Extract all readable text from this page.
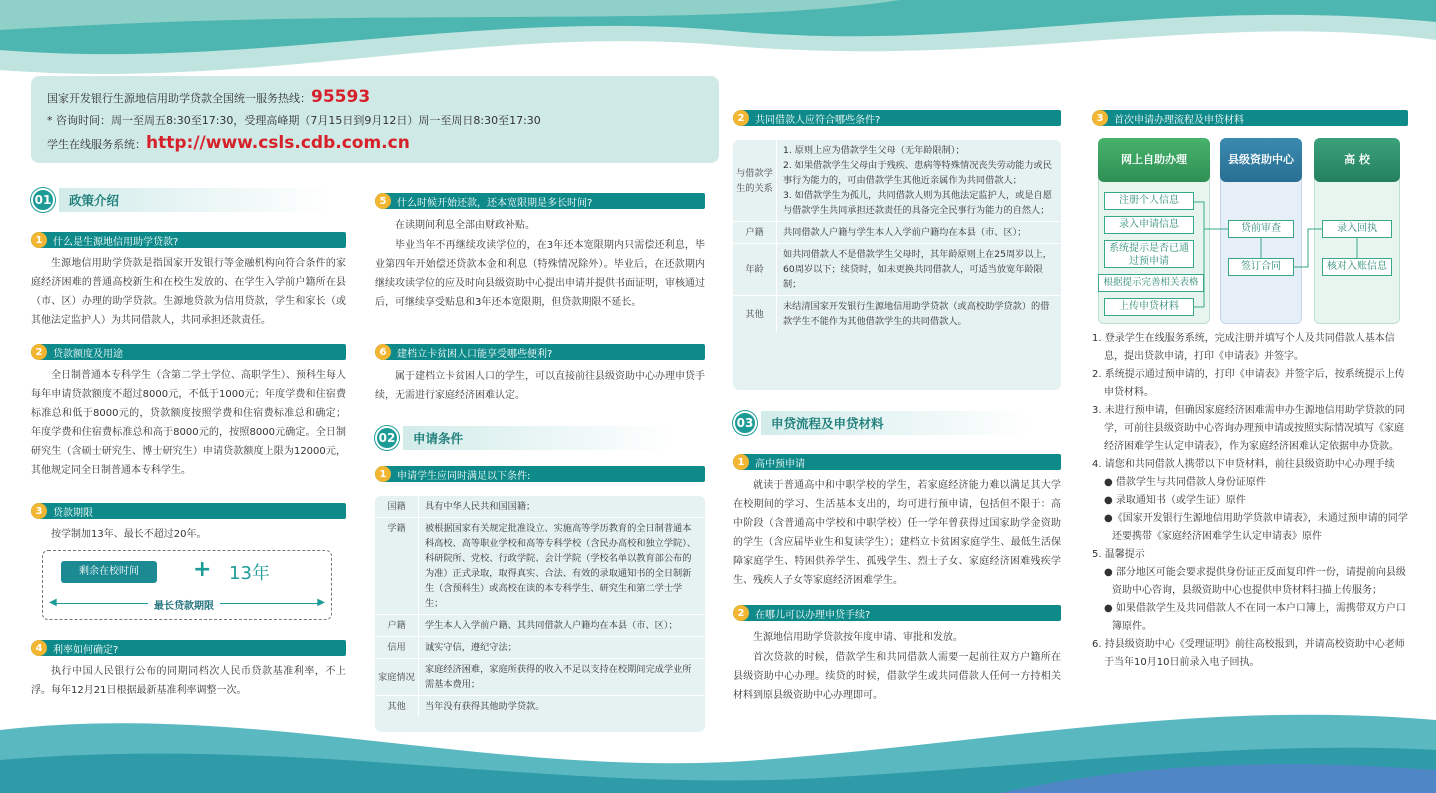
国家开发银行生源地信用助学贷款全国统一服务热线：95593
* 咨询时间：周一至周五8:30至17:30，受理高峰期（7月15日到9月12日）周一至周日8:30至17:30
学生在线服务系统：http://www.csls.cdb.com.cn
01	政策介绍
1	什么是生源地信用助学贷款?
生源地信用助学贷款是指国家开发银行等金融机构向符合条件的家庭经济困难的普通高校新生和在校生发放的、在学生入学前户籍所在县（市、区）办理的助学贷款。生源地贷款为信用贷款，学生和家长（或其他法定监护人）为共同借款人，共同承担还款责任。
2	贷款额度及用途
全日制普通本专科学生（含第二学士学位、高职学生）、预科生每人每年申请贷款额度不超过8000元，不低于1000元；年度学费和住宿费标准总和低于8000元的，贷款额度按照学费和住宿费标准总和确定；年度学费和住宿费标准总和高于8000元的，按照8000元确定。全日制研究生（含硕士研究生、博士研究生）申请贷款额度上限为12000元，其他规定同全日制普通本专科学生。
3	贷款期限
按学制加13年、最长不超过20年。
剩余在校时间	+ 13年
◀	▶
最长贷款期限
4	利率如何确定?
执行中国人民银行公布的同期同档次人民币贷款基准利率，不上浮。每年12月21日根据最新基准利率调整一次。
5	什么时候开始还款，还本宽限期是多长时间?
在读期间利息全部由财政补贴。
毕业当年不再继续攻读学位的，在3年还本宽限期内只需偿还利息，毕业第四年开始偿还贷款本金和利息（特殊情况除外）。毕业后，在还款期内继续攻读学位的应及时向县级资助中心提出申请并提供书面证明，审核通过后，可继续享受贴息和3年还本宽限期，但贷款期限不延长。
6	建档立卡贫困人口能享受哪些便利?
属于建档立卡贫困人口的学生，可以直接前往县级资助中心办理申贷手续，无需进行家庭经济困难认定。
02	申请条件
1	申请学生应同时满足以下条件:
国籍	具有中华人民共和国国籍；
学籍	被根据国家有关规定批准设立、实施高等学历教育的全日制普通本科高校、高等职业学校和高等专科学校（含民办高校和独立学院）、科研院所、党校、行政学院、会计学院（学校名单以教育部公布的为准）正式录取，取得真实、合法、有效的录取通知书的全日制新生（含预科生）或高校在读的本专科学生、研究生和第二学士学生；
户籍	学生本人入学前户籍、其共同借款人户籍均在本县（市、区）；
信用	诚实守信，遵纪守法；
家庭情况
家庭经济困难，家庭所获得的收入不足以支持在校期间完成学业所需基本费用；
其他	当年没有获得其他助学贷款。
2	共同借款人应符合哪些条件?
与借款学生的关系
1. 原则上应为借款学生父母（无年龄限制）；
2. 如果借款学生父母由于残疾、患病等特殊情况丧失劳动能力或民事行为能力的，可由借款学生其他近亲属作为共同借款人；
3. 如借款学生为孤儿，共同借款人则为其他法定监护人，或是自愿与借款学生共同承担还款责任的具备完全民事行为能力的自然人；
户籍	共同借款人户籍与学生本人入学前户籍均在本县（市、区）；
年龄
如共同借款人不是借款学生父母时，其年龄原则上在25周岁以上，60周岁以下；续贷时，如未更换共同借款人，可适当放宽年龄限制；
其他
未结清国家开发银行生源地信用助学贷款（或高校助学贷款）的借款学生不能作为其他借款学生的共同借款人。
03	申贷流程及申贷材料
1	高中预申请
就读于普通高中和中职学校的学生，若家庭经济能力难以满足其大学在校期间的学习、生活基本支出的，均可进行预申请，包括但不限于：高中阶段（含普通高中学校和中职学校）任一学年曾获得过国家助学金资助的学生（含应届毕业生和复读学生）；建档立卡贫困家庭学生、最低生活保障家庭学生、特困供养学生、孤残学生、烈士子女、家庭经济困难残疾学生、残疾人子女等家庭经济困难学生。
2	在哪儿可以办理申贷手续?
生源地信用助学贷款按年度申请、审批和发放。
首次贷款的时候，借款学生和共同借款人需要一起前往双方户籍所在县级资助中心办理。续贷的时候，借款学生或共同借款人任何一方持相关材料到原县级资助中心办理即可。
3	首次申请办理流程及申贷材料
网上自助办理	县级资助中心	高 校
注册个人信息
录入申请信息
系统提示是否已通过预申请
根据提示完善相关表格
上传申贷材料
贷前审查
签订合同
录入回执
核对入账信息
1. 登录学生在线服务系统，完成注册并填写个人及共同借款人基本信息，提出贷款申请，打印《申请表》并签字。
2. 系统提示通过预申请的，打印《申请表》并签字后，按系统提示上传申贷材料。
3. 未进行预申请，但确因家庭经济困难需申办生源地信用助学贷款的同学，可前往县级资助中心咨询办理预申请或按照实际情况填写《家庭经济困难学生认定申请表》，作为家庭经济困难认定依据申办贷款。
4. 请您和共同借款人携带以下申贷材料，前往县级资助中心办理手续
● 借款学生与共同借款人身份证原件
● 录取通知书（或学生证）原件
●《国家开发银行生源地信用助学贷款申请表》，未通过预申请的同学还要携带《家庭经济困难学生认定申请表》原件
5. 温馨提示
● 部分地区可能会要求提供身份证正反面复印件一份，请提前向县级资助中心咨询，县级资助中心也提供申贷材料扫描上传服务；
● 如果借款学生及共同借款人不在同一本户口簿上，需携带双方户口簿原件。
6. 持县级资助中心《受理证明》前往高校报到，并请高校资助中心老师于当年10月10日前录入电子回执。
